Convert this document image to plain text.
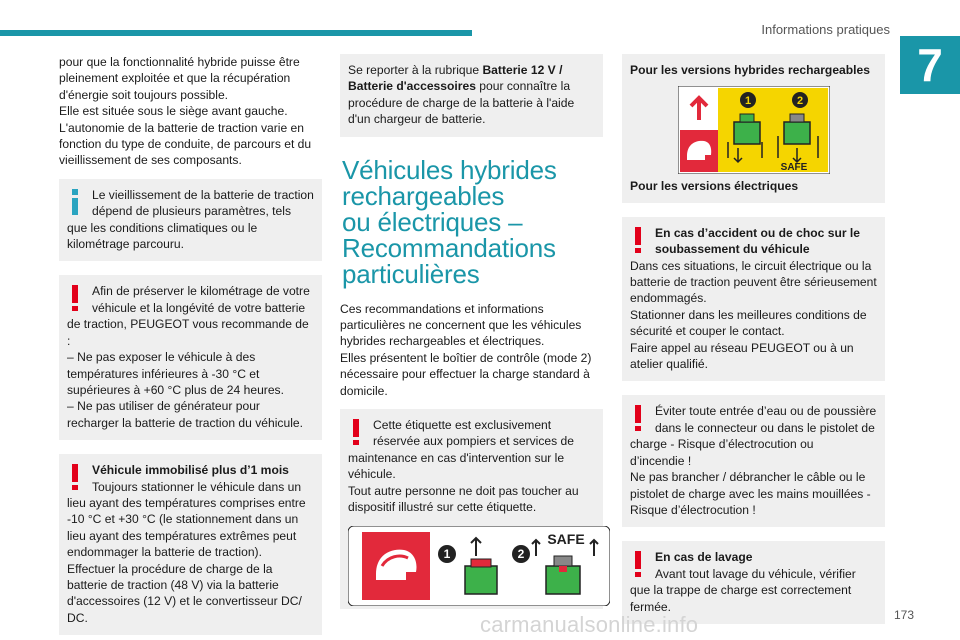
Informations pratiques
7

pour que la fonctionnalité hybride puisse être

pleinement exploitée et que la récupération

d'énergie soit toujours possible.

Elle est située sous le siège avant gauche.

L'autonomie de la batterie de traction varie en

fonction du type de conduite, de parcours et du

vieillissement de ses composants.

Le vieillissement de la batterie de traction

dépend de plusieurs paramètres, tels

que les conditions climatiques ou le

kilométrage parcouru.

Afin de préserver le kilométrage de votre

véhicule et la longévité de votre batterie

de traction, PEUGEOT vous recommande de

:

– Ne pas exposer le véhicule à des

températures inférieures à -30 °C et

supérieures à +60 °C plus de 24 heures.

– Ne pas utiliser de générateur pour

recharger la batterie de traction du véhicule.

Véhicule immobilisé plus d’1 mois

Toujours stationner le véhicule dans un

lieu ayant des températures comprises entre

-10 °C et +30 °C (le stationnement dans un

lieu ayant des températures extrêmes peut

endommager la batterie de traction).

Effectuer la procédure de charge de la

batterie de traction (48 V) via la batterie

d'accessoires (12 V) et le convertisseur DC/

DC.

Se reporter à la rubrique Batterie 12 V /

Batterie d'accessoires pour connaître la

procédure de charge de la batterie à l'aide

d'un chargeur de batterie.

Véhicules hybrides
rechargeables
ou électriques –
Recommandations
particulières

Ces recommandations et informations

particulières ne concernent que les véhicules

hybrides rechargeables et électriques.

Elles présentent le boîtier de contrôle (mode 2)

nécessaire pour effectuer la charge standard à

domicile.

Cette étiquette est exclusivement

réservée aux pompiers et services de

maintenance en cas d'intervention sur le

véhicule.

Tout autre personne ne doit pas toucher au

dispositif illustré sur cette étiquette.

1	2
SAFE

Pour les versions hybrides rechargeables

1	2
SAFE

Pour les versions électriques

En cas d’accident ou de choc sur le

soubassement du véhicule

Dans ces situations, le circuit électrique ou la

batterie de traction peuvent être sérieusement

endommagés.

Stationner dans les meilleures conditions de

sécurité et couper le contact.

Faire appel au réseau PEUGEOT ou à un

atelier qualifié.

Éviter toute entrée d’eau ou de poussière

dans le connecteur ou dans le pistolet de

charge - Risque d’électrocution ou

d’incendie !

Ne pas brancher / débrancher le câble ou le

pistolet de charge avec les mains mouillées -

Risque d’électrocution !

En cas de lavage

Avant tout lavage du véhicule, vérifier

que la trappe de charge est correctement

fermée.

carmanualsonline.info	173
